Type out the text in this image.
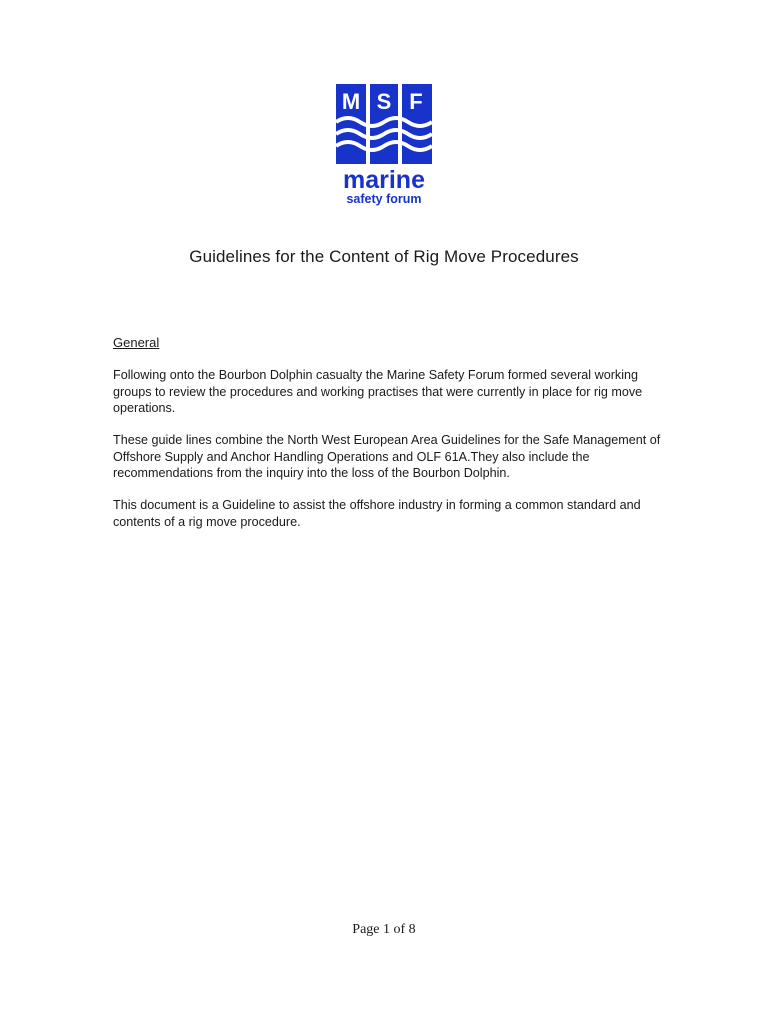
M S F
marine
safety forum
Guidelines for the Content of Rig Move Procedures
General

Following onto the Bourbon Dolphin casualty the Marine Safety Forum formed several working groups to review the procedures and working practises that were currently in place for rig move operations.

These guide lines combine the North West European Area Guidelines for the Safe Management of Offshore Supply and Anchor Handling Operations and OLF 61A.They also include the recommendations from the inquiry into the loss of the Bourbon Dolphin.

This document is a Guideline to assist the offshore industry in forming a common standard and contents of a rig move procedure.

Page 1 of 8
